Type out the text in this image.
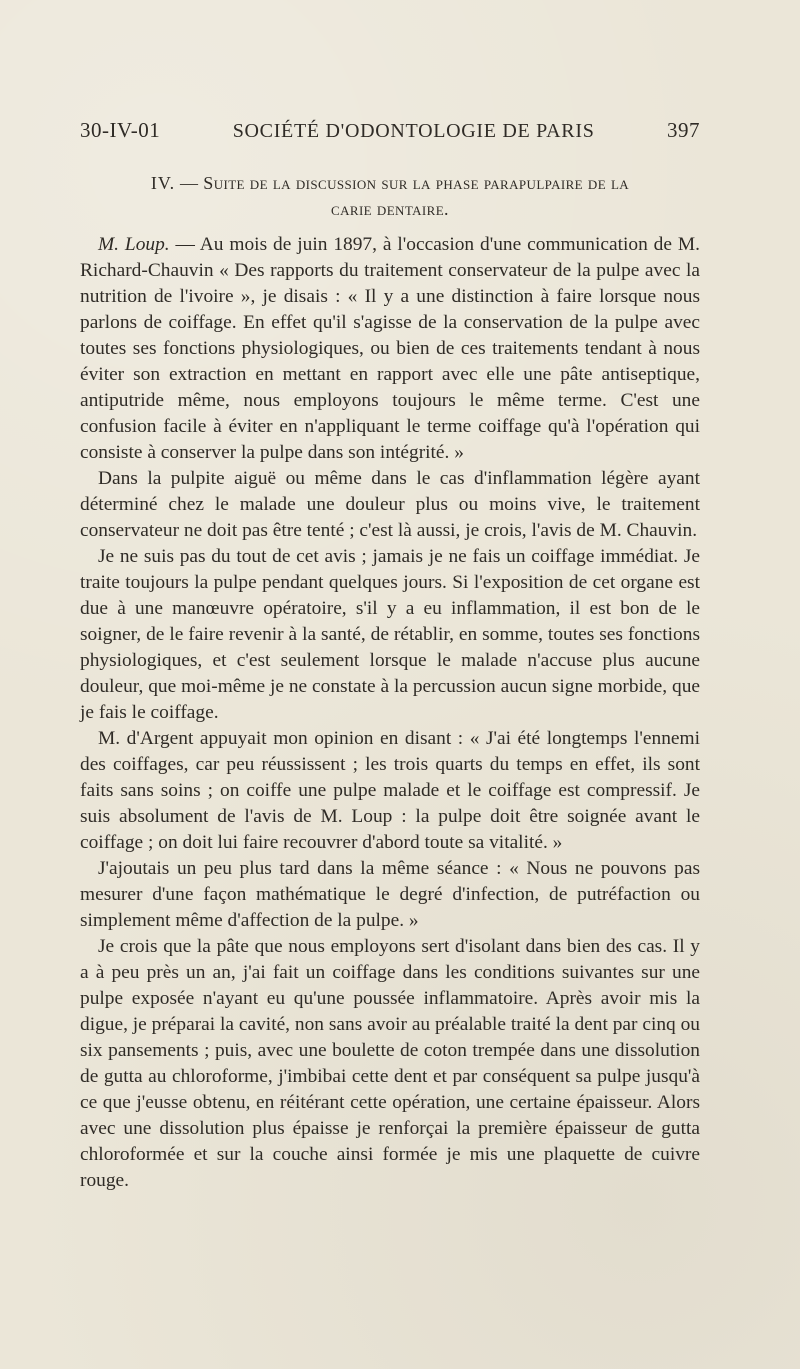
30-IV-01	SOCIÉTÉ D'ODONTOLOGIE DE PARIS	397
IV. — Suite de la discussion sur la phase parapulpaire de la
carie dentaire.

M. Loup. — Au mois de juin 1897, à l'occasion d'une communication de M. Richard-Chauvin « Des rapports du traitement conservateur de la pulpe avec la nutrition de l'ivoire », je disais : « Il y a une distinction à faire lorsque nous parlons de coiffage. En effet qu'il s'agisse de la conservation de la pulpe avec toutes ses fonctions physiologiques, ou bien de ces traitements tendant à nous éviter son extraction en mettant en rapport avec elle une pâte antiseptique, antiputride même, nous employons toujours le même terme. C'est une confusion facile à éviter en n'appliquant le terme coiffage qu'à l'opération qui consiste à conserver la pulpe dans son intégrité. »

Dans la pulpite aiguë ou même dans le cas d'inflammation légère ayant déterminé chez le malade une douleur plus ou moins vive, le traitement conservateur ne doit pas être tenté ; c'est là aussi, je crois, l'avis de M. Chauvin.

Je ne suis pas du tout de cet avis ; jamais je ne fais un coiffage immédiat. Je traite toujours la pulpe pendant quelques jours. Si l'exposition de cet organe est due à une manœuvre opératoire, s'il y a eu inflammation, il est bon de le soigner, de le faire revenir à la santé, de rétablir, en somme, toutes ses fonctions physiologiques, et c'est seulement lorsque le malade n'accuse plus aucune douleur, que moi-même je ne constate à la percussion aucun signe morbide, que je fais le coiffage.

M. d'Argent appuyait mon opinion en disant : « J'ai été longtemps l'ennemi des coiffages, car peu réussissent ; les trois quarts du temps en effet, ils sont faits sans soins ; on coiffe une pulpe malade et le coiffage est compressif. Je suis absolument de l'avis de M. Loup : la pulpe doit être soignée avant le coiffage ; on doit lui faire recouvrer d'abord toute sa vitalité. »

J'ajoutais un peu plus tard dans la même séance : « Nous ne pouvons pas mesurer d'une façon mathématique le degré d'infection, de putréfaction ou simplement même d'affection de la pulpe. »

Je crois que la pâte que nous employons sert d'isolant dans bien des cas. Il y a à peu près un an, j'ai fait un coiffage dans les conditions suivantes sur une pulpe exposée n'ayant eu qu'une poussée inflammatoire. Après avoir mis la digue, je préparai la cavité, non sans avoir au préalable traité la dent par cinq ou six pansements ; puis, avec une boulette de coton trempée dans une dissolution de gutta au chloroforme, j'imbibai cette dent et par conséquent sa pulpe jusqu'à ce que j'eusse obtenu, en réitérant cette opération, une certaine épaisseur. Alors avec une dissolution plus épaisse je renforçai la première épaisseur de gutta chloroformée et sur la couche ainsi formée je mis une plaquette de cuivre rouge.
